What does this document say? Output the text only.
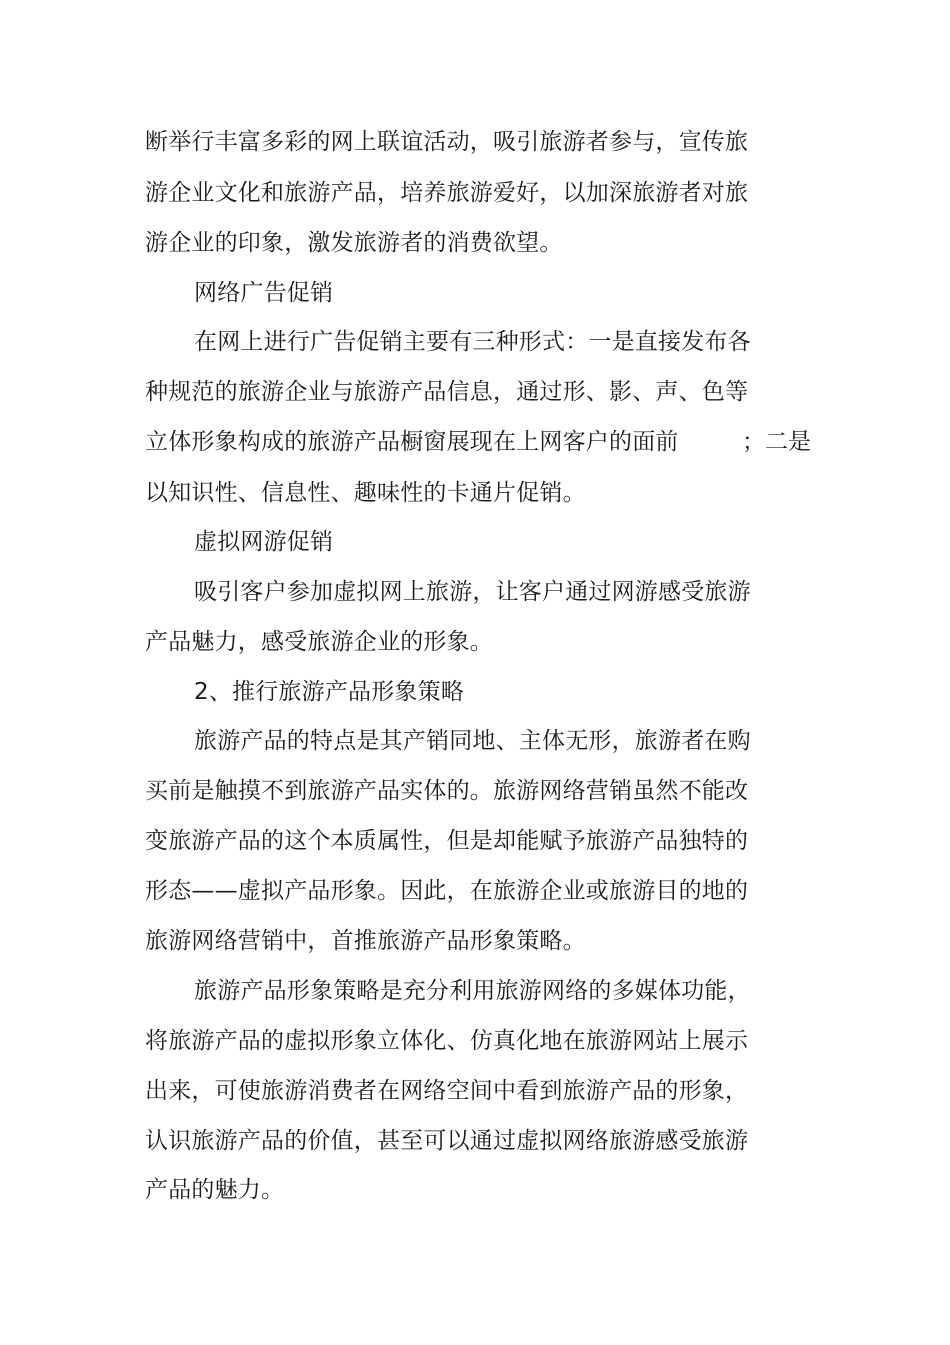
断举行丰富多彩的网上联谊活动，吸引旅游者参与，宣传旅
游企业文化和旅游产品，培养旅游爱好，以加深旅游者对旅
游企业的印象，激发旅游者的消费欲望。
网络广告促销
在网上进行广告促销主要有三种形式：一是直接发布各
种规范的旅游企业与旅游产品信息，通过形、影、声、色等
立体形象构成的旅游产品橱窗展现在上网客户的面前	；二是
以知识性、信息性、趣味性的卡通片促销。
虚拟网游促销
吸引客户参加虚拟网上旅游，让客户通过网游感受旅游
产品魅力，感受旅游企业的形象。
2、推行旅游产品形象策略
旅游产品的特点是其产销同地、主体无形，旅游者在购
买前是触摸不到旅游产品实体的。旅游网络营销虽然不能改
变旅游产品的这个本质属性，但是却能赋予旅游产品独特的
形态——虚拟产品形象。因此，在旅游企业或旅游目的地的
旅游网络营销中，首推旅游产品形象策略。
旅游产品形象策略是充分利用旅游网络的多媒体功能，
将旅游产品的虚拟形象立体化、仿真化地在旅游网站上展示
出来，可使旅游消费者在网络空间中看到旅游产品的形象，
认识旅游产品的价值，甚至可以通过虚拟网络旅游感受旅游
产品的魅力。
